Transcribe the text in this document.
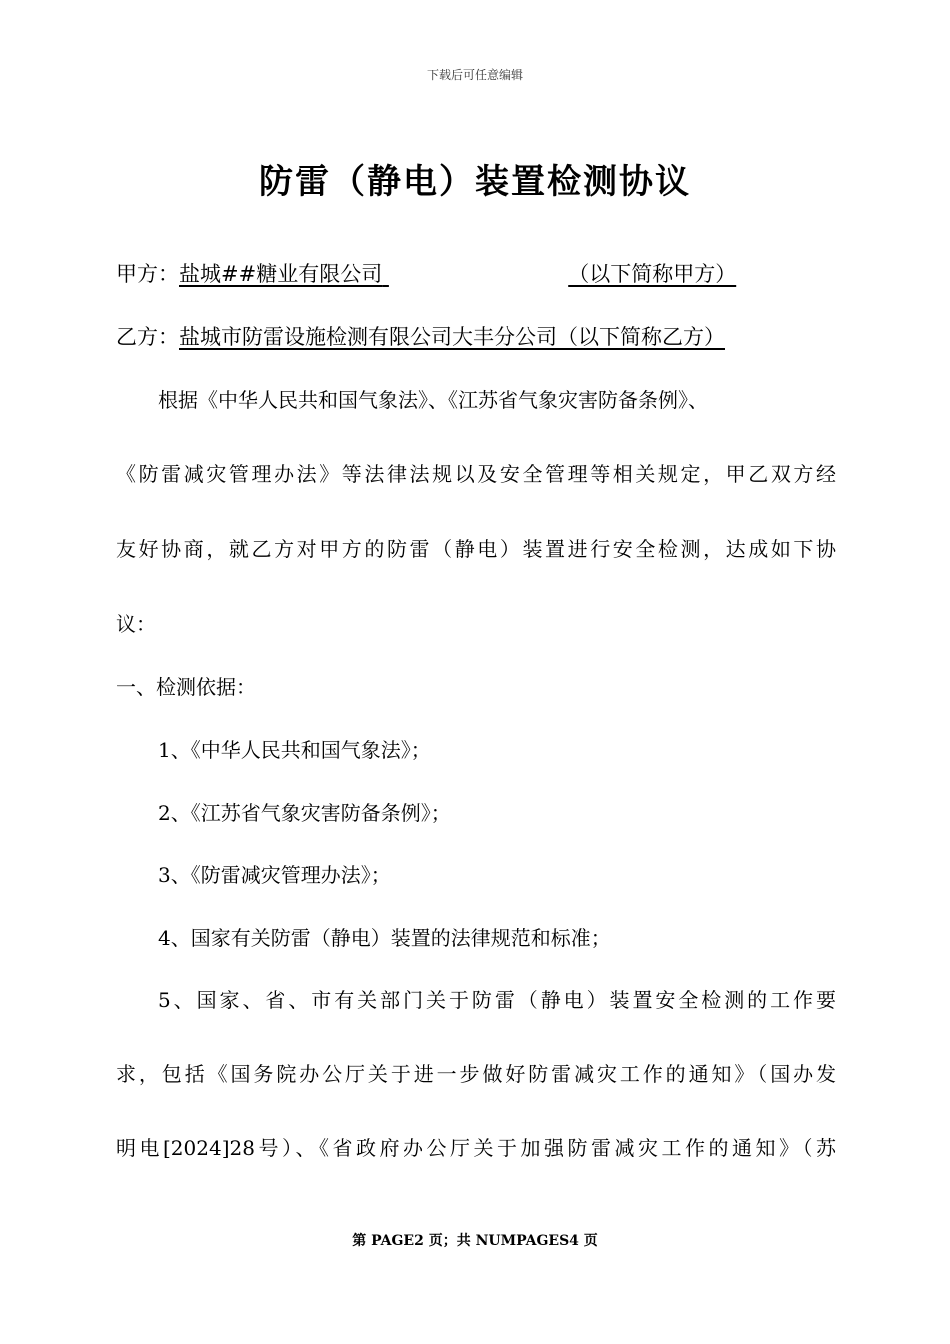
下载后可任意编辑
防雷（静电）装置检测协议
甲方：盐城##糖业有限公司	（以下简称甲方）
乙方：盐城市防雷设施检测有限公司大丰分公司（以下简称乙方）
根据《中华人民共和国气象法》、《江苏省气象灾害防备条例》、
《防雷减灾管理办法》等法律法规以及安全管理等相关规定，甲乙双方经
友好协商，就乙方对甲方的防雷（静电）装置进行安全检测，达成如下协
议：
一、检测依据：
1、《中华人民共和国气象法》；
2、《江苏省气象灾害防备条例》；
3、《防雷减灾管理办法》；
4、国家有关防雷（静电）装置的法律规范和标准；
5、国家、省、市有关部门关于防雷（静电）装置安全检测的工作要
求，包括《国务院办公厅关于进一步做好防雷减灾工作的通知》（国办发
明电[2024]28号）、《省政府办公厅关于加强防雷减灾工作的通知》（苏
第 PAGE2 页；共 NUMPAGES4 页
